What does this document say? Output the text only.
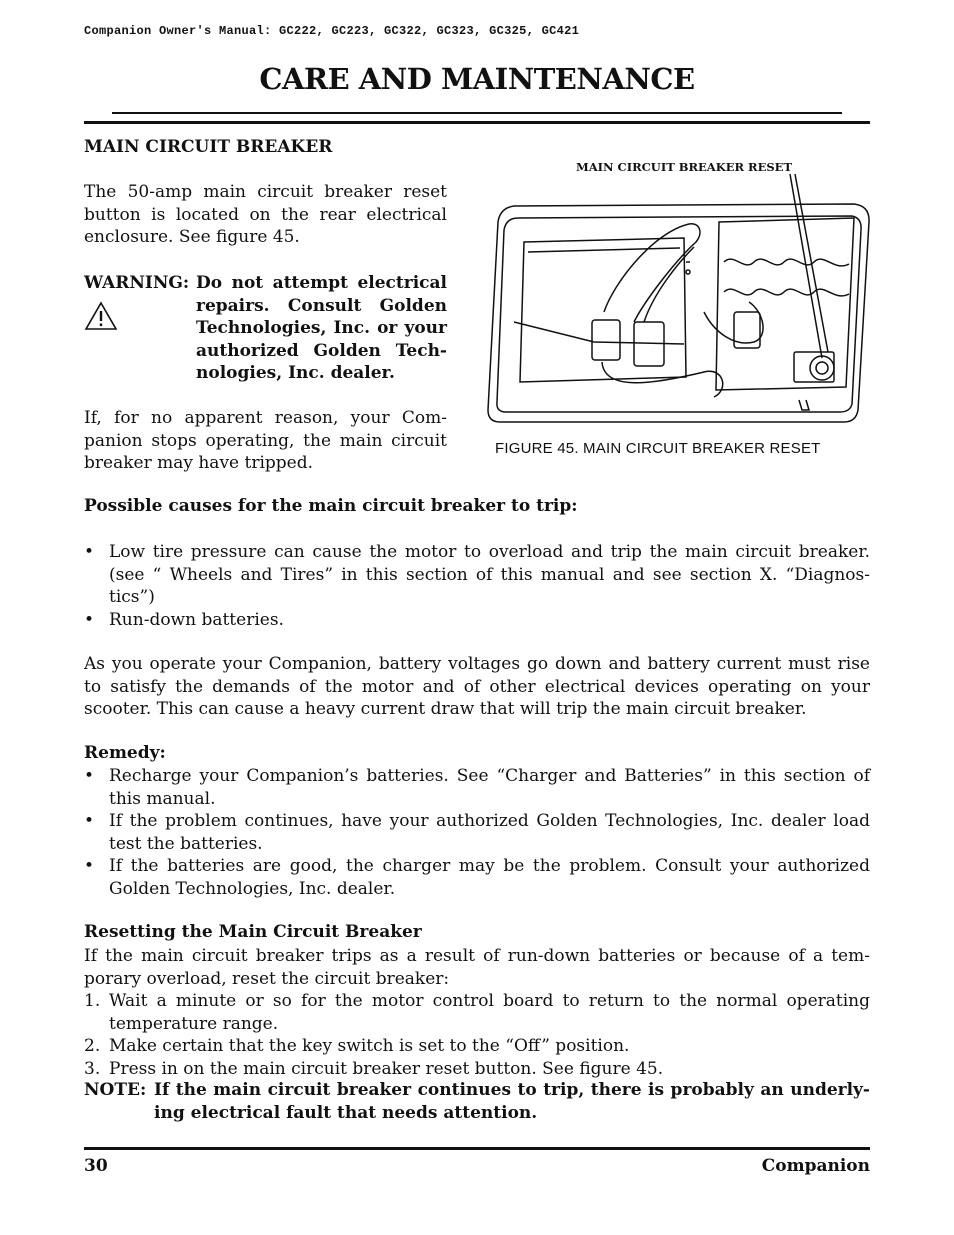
Companion Owner's Manual: GC222, GC223, GC322, GC323, GC325, GC421
CARE AND MAINTENANCE
MAIN CIRCUIT BREAKER
The 50-amp main circuit breaker reset
button is located on the rear electrical
enclosure. See figure 45.
WARNING: Do not attempt electrical
repairs. Consult Golden
Technologies, Inc. or your
authorized Golden Tech-
nologies, Inc. dealer.
If, for no apparent reason, your Com-
panion stops operating, the main circuit
breaker may have tripped.
MAIN CIRCUIT BREAKER RESET
FIGURE 45. MAIN CIRCUIT BREAKER RESET
Possible causes for the main circuit breaker to trip:
• Low tire pressure can cause the motor to overload and trip the main circuit breaker. (see “ Wheels and Tires” in this section of this manual and see section X. “Diagnos-tics”)
• Run-down batteries.
As you operate your Companion, battery voltages go down and battery current must rise to satisfy the demands of the motor and of other electrical devices operating on your scooter. This can cause a heavy current draw that will trip the main circuit breaker.
Remedy:
• Recharge your Companion’s batteries. See “Charger and Batteries” in this section of this manual.
• If the problem continues, have your authorized Golden Technologies, Inc. dealer load test the batteries.
• If the batteries are good, the charger may be the problem. Consult your authorized Golden Technologies, Inc. dealer.
Resetting the Main Circuit Breaker
If the main circuit breaker trips as a result of run-down batteries or because of a tem-porary overload, reset the circuit breaker:
1. Wait a minute or so for the motor control board to return to the normal operating temperature range.
2. Make certain that the key switch is set to the “Off” position.
3. Press in on the main circuit breaker reset button. See figure 45.
NOTE: If the main circuit breaker continues to trip, there is probably an underly-ing electrical fault that needs attention.
30	Companion
